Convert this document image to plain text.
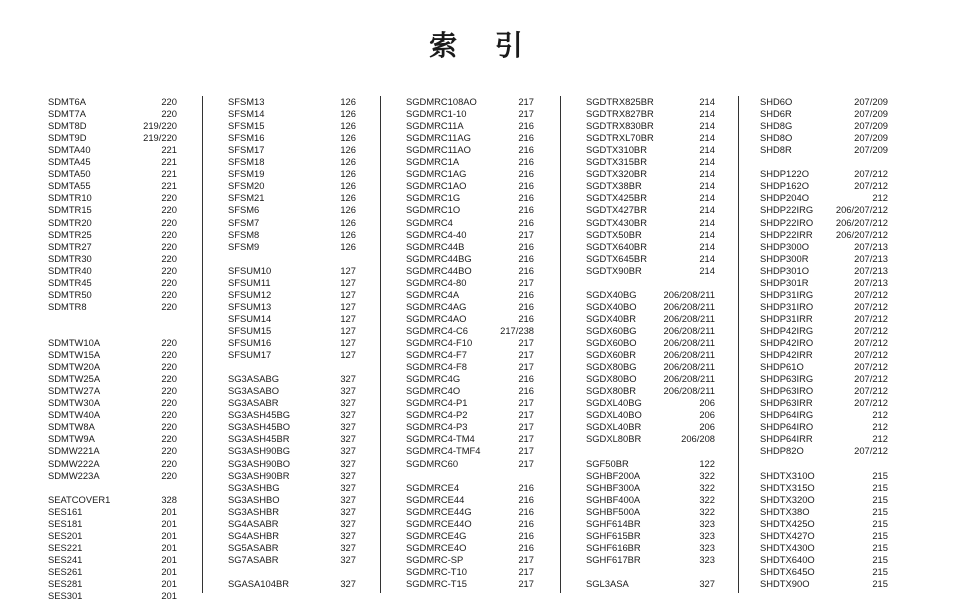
索 引
SDMT6A	220
SDMT7A	220
SDMT8D	219/220
SDMT9D	219/220
SDMTA40	221
SDMTA45	221
SDMTA50	221
SDMTA55	221
SDMTR10	220
SDMTR15	220
SDMTR20	220
SDMTR25	220
SDMTR27	220
SDMTR30	220
SDMTR40	220
SDMTR45	220
SDMTR50	220
SDMTR8	220
SDMTW10A	220
SDMTW15A	220
SDMTW20A	220
SDMTW25A	220
SDMTW27A	220
SDMTW30A	220
SDMTW40A	220
SDMTW8A	220
SDMTW9A	220
SDMW221A	220
SDMW222A	220
SDMW223A	220
SEATCOVER1	328
SES161	201
SES181	201
SES201	201
SES221	201
SES241	201
SES261	201
SES281	201
SES301	201
SFSM13	126
SFSM14	126
SFSM15	126
SFSM16	126
SFSM17	126
SFSM18	126
SFSM19	126
SFSM20	126
SFSM21	126
SFSM6	126
SFSM7	126
SFSM8	126
SFSM9	126
SFSUM10	127
SFSUM11	127
SFSUM12	127
SFSUM13	127
SFSUM14	127
SFSUM15	127
SFSUM16	127
SFSUM17	127
SG3ASABG	327
SG3ASABO	327
SG3ASABR	327
SG3ASH45BG	327
SG3ASH45BO	327
SG3ASH45BR	327
SG3ASH90BG	327
SG3ASH90BO	327
SG3ASH90BR	327
SG3ASHBG	327
SG3ASHBO	327
SG3ASHBR	327
SG4ASABR	327
SG4ASHBR	327
SG5ASABR	327
SG7ASABR	327
SGASA104BR	327
SGDMRC108AO	217
SGDMRC1-10	217
SGDMRC11A	216
SGDMRC11AG	216
SGDMRC11AO	216
SGDMRC1A	216
SGDMRC1AG	216
SGDMRC1AO	216
SGDMRC1G	216
SGDMRC1O	216
SGDMRC4	216
SGDMRC4-40	217
SGDMRC44B	216
SGDMRC44BG	216
SGDMRC44BO	216
SGDMRC4-80	217
SGDMRC4A	216
SGDMRC4AG	216
SGDMRC4AO	216
SGDMRC4-C6	217/238
SGDMRC4-F10	217
SGDMRC4-F7	217
SGDMRC4-F8	217
SGDMRC4G	216
SGDMRC4O	216
SGDMRC4-P1	217
SGDMRC4-P2	217
SGDMRC4-P3	217
SGDMRC4-TM4	217
SGDMRC4-TMF4	217
SGDMRC60	217
SGDMRCE4	216
SGDMRCE44	216
SGDMRCE44G	216
SGDMRCE44O	216
SGDMRCE4G	216
SGDMRCE4O	216
SGDMRC-SP	217
SGDMRC-T10	217
SGDMRC-T15	217
SGDTRX825BR	214
SGDTRX827BR	214
SGDTRX830BR	214
SGDTRXL70BR	214
SGDTX310BR	214
SGDTX315BR	214
SGDTX320BR	214
SGDTX38BR	214
SGDTX425BR	214
SGDTX427BR	214
SGDTX430BR	214
SGDTX50BR	214
SGDTX640BR	214
SGDTX645BR	214
SGDTX90BR	214
SGDX40BG	206/208/211
SGDX40BO	206/208/211
SGDX40BR	206/208/211
SGDX60BG	206/208/211
SGDX60BO	206/208/211
SGDX60BR	206/208/211
SGDX80BG	206/208/211
SGDX80BO	206/208/211
SGDX80BR	206/208/211
SGDXL40BG	206
SGDXL40BO	206
SGDXL40BR	206
SGDXL80BR	206/208
SGF50BR	122
SGHBF200A	322
SGHBF300A	322
SGHBF400A	322
SGHBF500A	322
SGHF614BR	323
SGHF615BR	323
SGHF616BR	323
SGHF617BR	323
SGL3ASA	327
SHD6O	207/209
SHD6R	207/209
SHD8G	207/209
SHD8O	207/209
SHD8R	207/209
SHDP122O	207/212
SHDP162O	207/212
SHDP204O	212
SHDP22IRG 206/207/212
SHDP22IRO 206/207/212
SHDP22IRR 206/207/212
SHDP300O	207/213
SHDP300R	207/213
SHDP301O	207/213
SHDP301R	207/213
SHDP31IRG	207/212
SHDP31IRO	207/212
SHDP31IRR	207/212
SHDP42IRG	207/212
SHDP42IRO	207/212
SHDP42IRR	207/212
SHDP61O	207/212
SHDP63IRG	207/212
SHDP63IRO	207/212
SHDP63IRR	207/212
SHDP64IRG	212
SHDP64IRO	212
SHDP64IRR	212
SHDP82O	207/212
SHDTX310O	215
SHDTX315O	215
SHDTX320O	215
SHDTX38O	215
SHDTX425O	215
SHDTX427O	215
SHDTX430O	215
SHDTX640O	215
SHDTX645O	215
SHDTX90O	215
